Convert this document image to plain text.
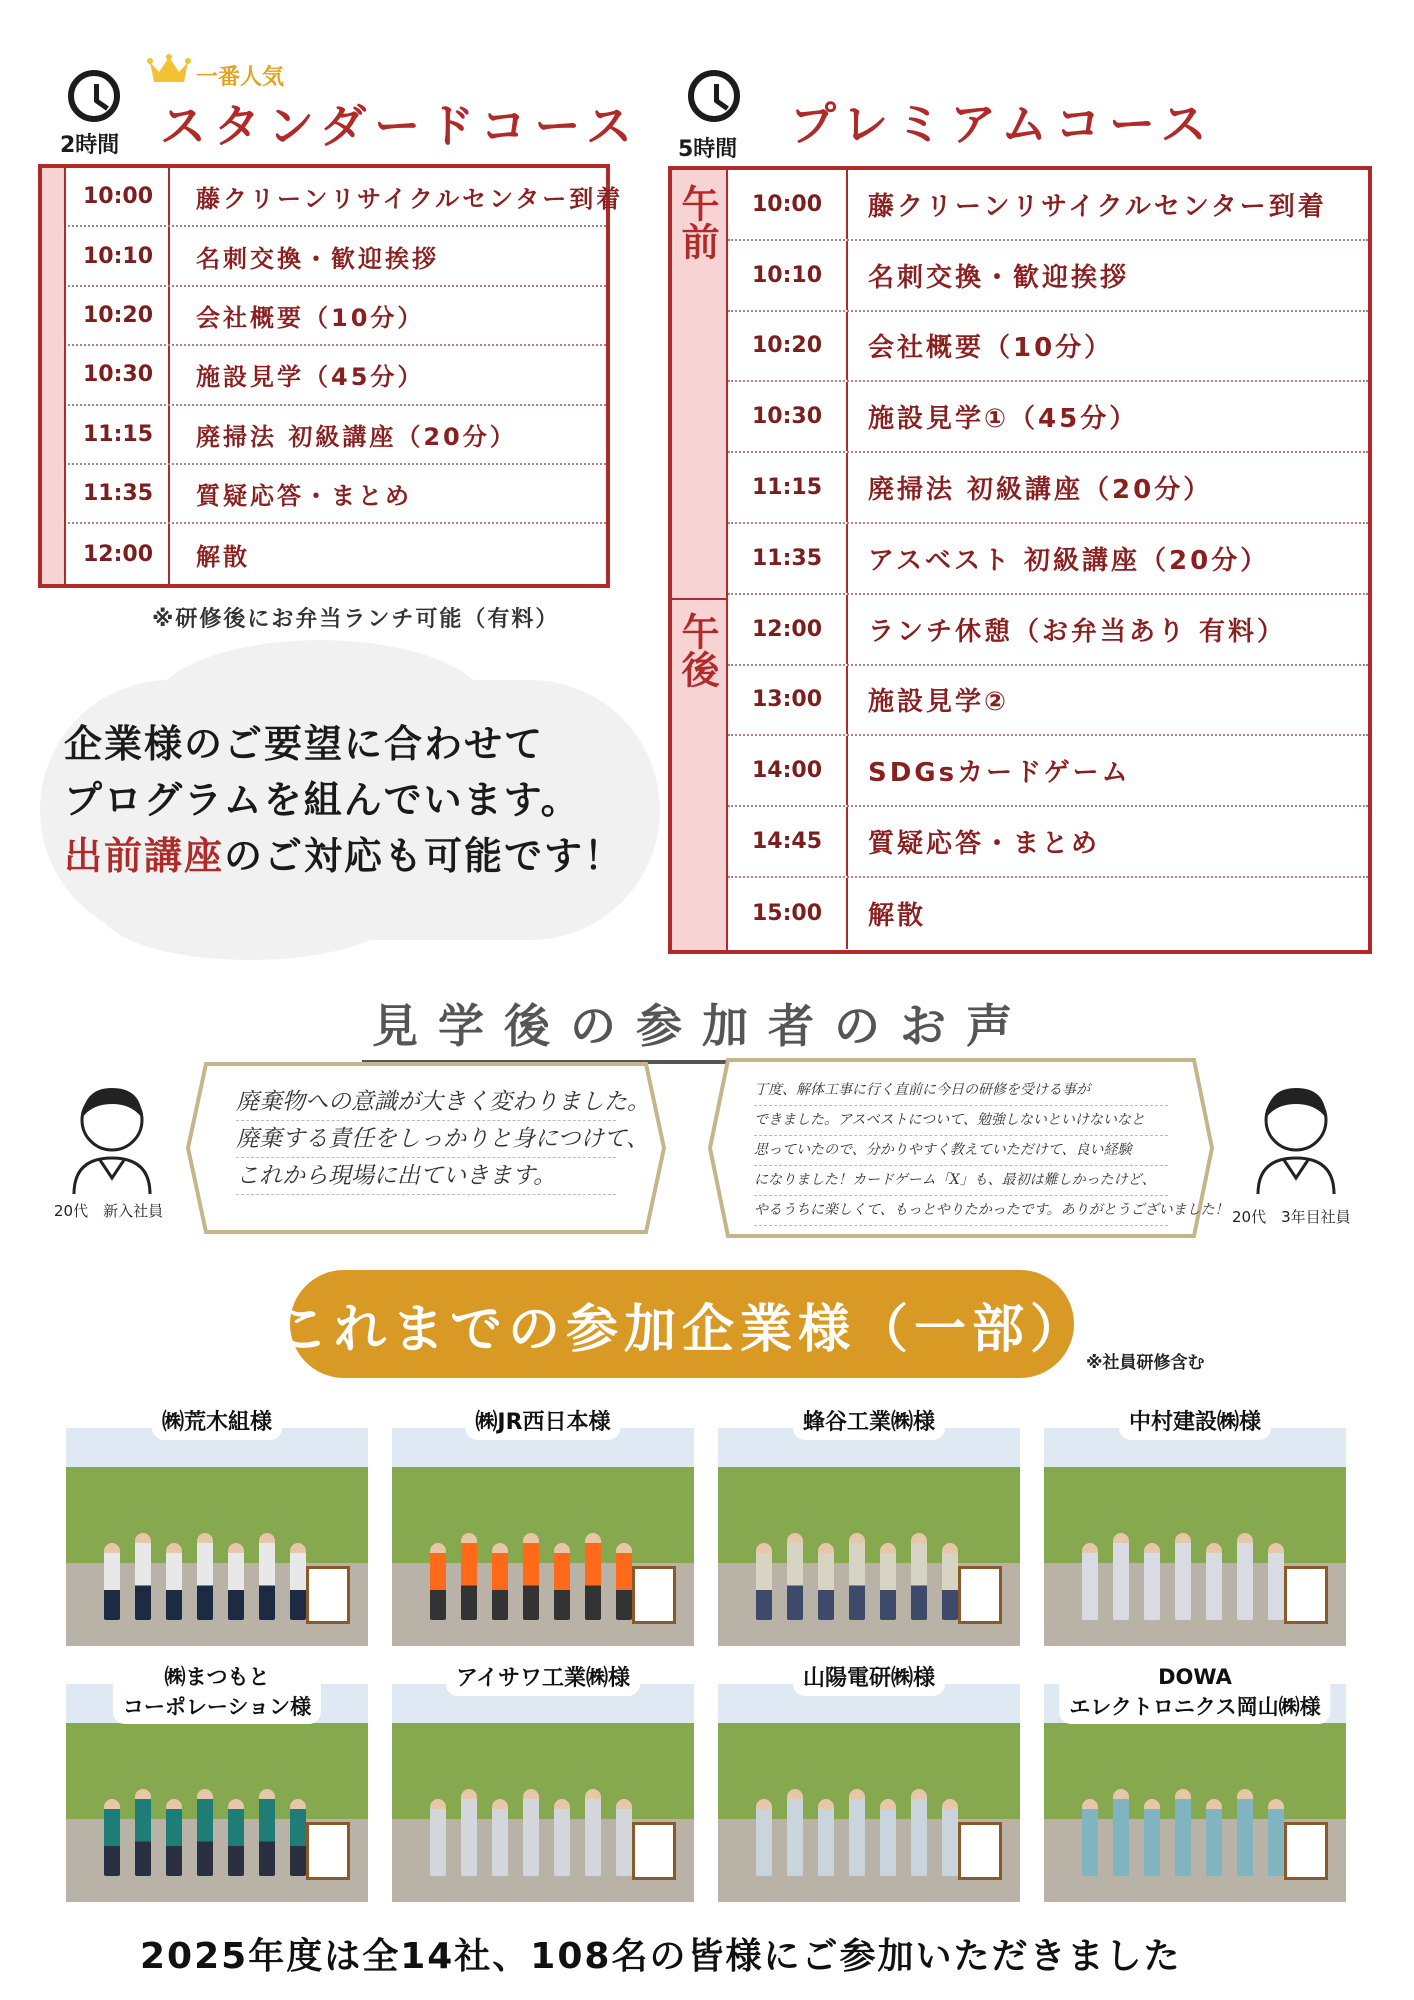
2時間
一番人気
スタンダードコース
10:00	藤クリーンリサイクルセンター到着
10:10	名刺交換・歓迎挨拶
10:20	会社概要（10分）
10:30	施設見学（45分）
11:15	廃掃法 初級講座（20分）
11:35	質疑応答・まとめ
12:00	解散
※研修後にお弁当ランチ可能（有料）
5時間 プレミアムコース
午前
午後
10:00	藤クリーンリサイクルセンター到着
10:10	名刺交換・歓迎挨拶
10:20	会社概要（10分）
10:30	施設見学①（45分）
11:15	廃掃法 初級講座（20分）
11:35	アスベスト 初級講座（20分）
12:00	ランチ休憩（お弁当あり 有料）
13:00	施設見学②
14:00	SDGsカードゲーム
14:45	質疑応答・まとめ
15:00	解散
企業様のご要望に合わせて
プログラムを組んでいます。
出前講座のご対応も可能です！
見学後の参加者のお声
20代　新入社員
廃棄物への意識が大きく変わりました。
廃棄する責任をしっかりと身につけて、
これから現場に出ていきます。
丁度、解体工事に行く直前に今日の研修を受ける事が
できました。アスベストについて、勉強しないといけないなと
思っていたので、分かりやすく教えていただけて、良い経験
になりました！カードゲーム「X」も、最初は難しかったけど、
やるうちに楽しくて、もっとやりたかったです。ありがとうございました！ 20代　3年目社員
これまでの参加企業様（一部）
※社員研修含む
㈱荒木組様	㈱JR西日本様	蜂谷工業㈱様	中村建設㈱様
㈱まつもと
コーポレーション様
アイサワ工業㈱様	山陽電研㈱様	DOWA
エレクトロニクス岡山㈱様
2025年度は全14社、108名の皆様にご参加いただきました
